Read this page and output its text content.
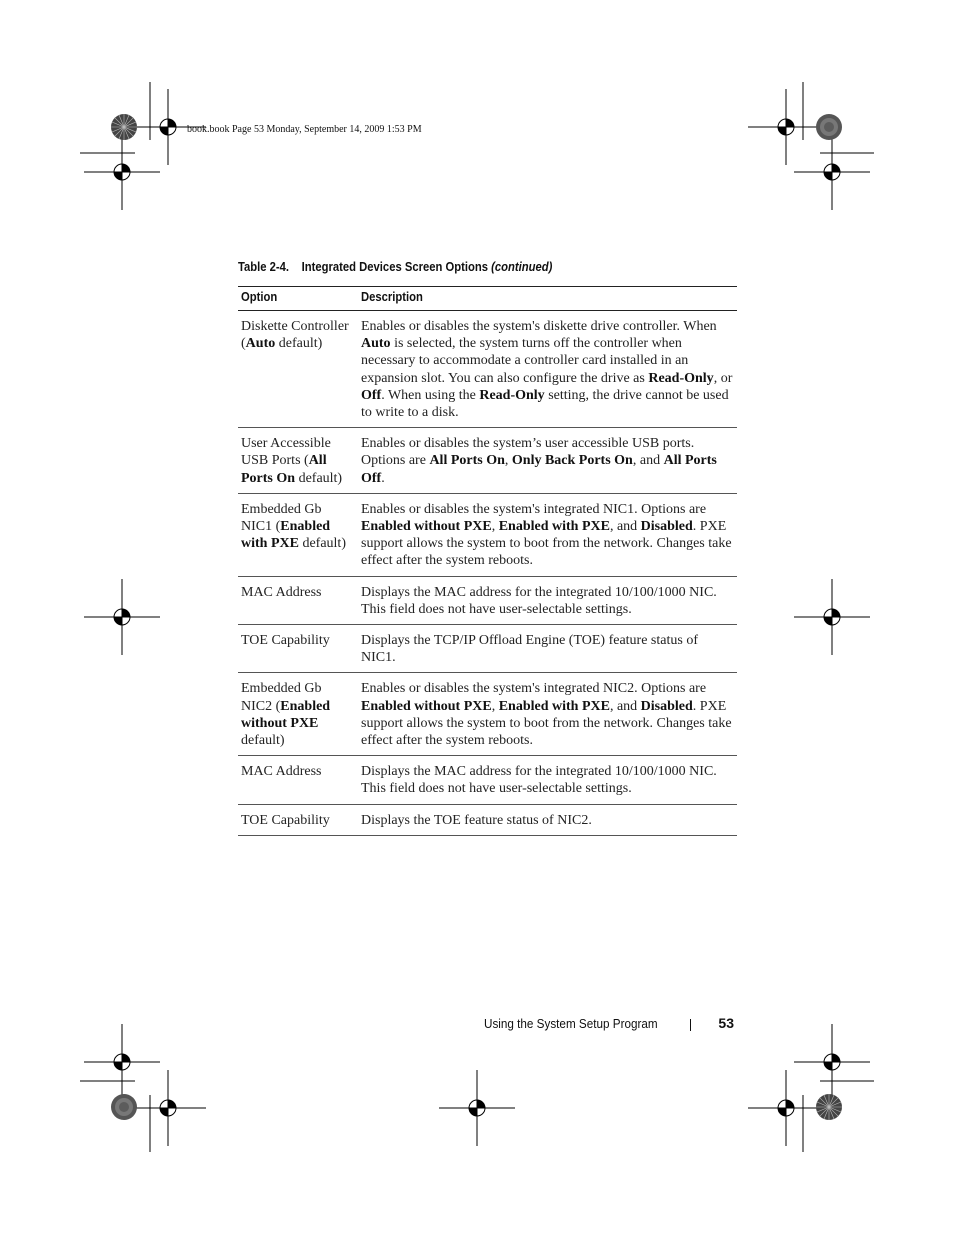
book.book Page 53 Monday, September 14, 2009 1:53 PM
Table 2-4. Integrated Devices Screen Options (continued)
Option	Description
Diskette Controller (Auto default)	Enables or disables the system's diskette drive controller. When Auto is selected, the system turns off the controller when necessary to accommodate a controller card installed in an expansion slot. You can also configure the drive as Read-Only, or Off. When using the Read-Only setting, the drive cannot be used to write to a disk.
User Accessible USB Ports (All Ports On default)	Enables or disables the system’s user accessible USB ports. Options are All Ports On, Only Back Ports On, and All Ports Off.
Embedded Gb NIC1 (Enabled with PXE default)	Enables or disables the system's integrated NIC1. Options are Enabled without PXE, Enabled with PXE, and Disabled. PXE support allows the system to boot from the network. Changes take effect after the system reboots.
MAC Address	Displays the MAC address for the integrated 10/100/1000 NIC. This field does not have user-selectable settings.
TOE Capability	Displays the TCP/IP Offload Engine (TOE) feature status of NIC1.
Embedded Gb NIC2 (Enabled without PXE default)	Enables or disables the system's integrated NIC2. Options are Enabled without PXE, Enabled with PXE, and Disabled. PXE support allows the system to boot from the network. Changes take effect after the system reboots.
MAC Address	Displays the MAC address for the integrated 10/100/1000 NIC. This field does not have user-selectable settings.
TOE Capability	Displays the TOE feature status of NIC2.
Using the System Setup Program	53
